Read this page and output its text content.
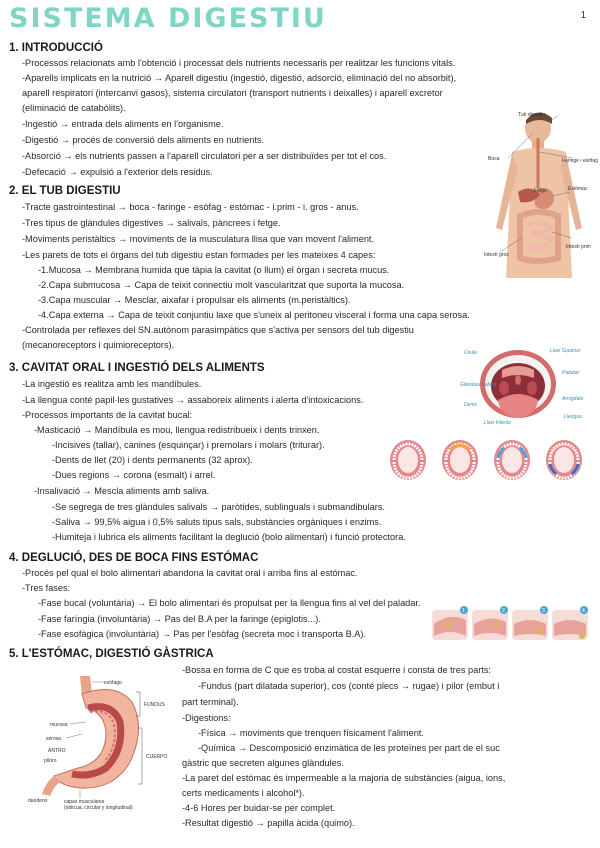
SISTEMA DIGESTIU	1
1. INTRODUCCIÓ
-Processos relacionats amb l'obtenció i processat dels nutrients necessaris per realitzar les funcions vitals.
-Aparells implicats en la nutrició → Aparell digestiu (ingestió, digestió, adsorció, eliminació del no absorbit),
aparell respiratori (intercanvi gasos), sistema circulatori (transport nutrients i deixalles) i aparell excretor
(eliminació de catabòlits).
-Ingestió → entrada dels aliments en l'organisme.
-Digestió → procés de conversió dels aliments en nutrients.
-Absorció → els nutrients passen a l'aparell circulatori per a ser distribuïdes per tot el cos.
-Defecació → expulsió a l'exterior dels residus.
2. EL TUB DIGESTIU
-Tracte gastrointestinal → boca - faringe - esòfag - estómac - i.prim - i. gros - anus.
-Tres tipus de glàndules digestives → salivals, pàncrees i fetge.
-Moviments peristàltics → moviments de la musculatura llisa que van movent l'aliment.
-Les parets de tots el òrgans del tub digestiu estan formades per les mateixes 4 capes:
-1.Mucosa → Membrana humida que tàpia la cavitat (o llum) el òrgan i secreta mucus.
-2.Capa submucosa → Capa de teixit connectiu molt vascularitzat que suporta la mucosa.
-3.Capa muscular → Mesclar, aixafar i propulsar els aliments (m.peristàltics).
-4.Capa externa → Capa de teixit conjuntiu laxe que s'uneix al peritoneu visceral i forma una capa serosa.
-Controlada per reflexes del SN.autònom parasimpàtics que s'activa per sensors del tub digestiu
(mecanoreceptors i quimioreceptors).
3. CAVITAT ORAL I INGESTIÓ DELS ALIMENTS
-La ingestió es realitza amb les mandíbules.
-La llengua conté papil·les gustatives → assaboreix aliments i alerta d'intoxicacions.
-Processos importants de la cavitat bucal:
-Masticació → Mandíbula es mou, llengua redistribueix i dents trinxen.
-Incisives (tallar), canines (esquinçar) i premolars i molars (triturar).
-Dents de llet (20) i dents permanents (32 aprox).
-Dues regions → corona (esmalt) i arrel.
-Insalivació → Mescla aliments amb saliva.
-Se segrega de tres glàndules salivals → paròtides, sublinguals i submandibulars.
-Saliva → 99,5% aigua i 0,5% saluts tipus sals, substàncies orgàniques i enzims.
-Humiteja i lubrica els aliments facilitant la deglució (bolo alimentari) i funció protectora.
4. DEGLUCIÓ, DES DE BOCA FINS ESTÓMAC
-Procés pel qual el bolo alimentari abandona la cavitat oral i arriba fins al estómac.
-Tres fases:
-Fase bucal (voluntària) → El bolo alimentari és propulsat per la llengua fins al vel del paladar.
-Fase faríngia (involuntària) → Pas del B.A per la faringe (epiglotis...).
-Fase esofàgica (involuntària) → Pas per l'esòfag (secreta moc i transporta B.A).
5. L'ESTÓMAC, DIGESTIÓ GÀSTRICA
-Bossa en forma de C que es troba al costat esquerre i consta de tres parts:
-Fundus (part dilatada superior), cos (conté plecs → rugae) i pilor (embut i
part terminal).
-Digestions:
-Física → moviments que trenquen físicament l'aliment.
-Química → Descomposició enzimàtica de les proteïnes per part de el suc
gàstric que secreten algunes glàndules.
-La paret del estómac és impermeable a la majoria de substàncies (aigua, ions,
certs medicaments i alcohol*).
-4-6 Hores per buidar-se per complet.
-Resultat digestió → papilla àcida (quimo).
Tub digestiu
Boca	Faringe i esòfag
Estómac
Fetge
Intestí gros
Intestí prim
Úvula	Llavi Superior
Paladar
Glàndula Salival
Amígdala
Llengua
Llavi Inferior
Dents
1	2	3	4
esòfago
FUNDUS
mucosa
serosa
ANTRO
píloro
CUERPO
duodeno	capas musculares
(oblicua, circular y longitudinal)
